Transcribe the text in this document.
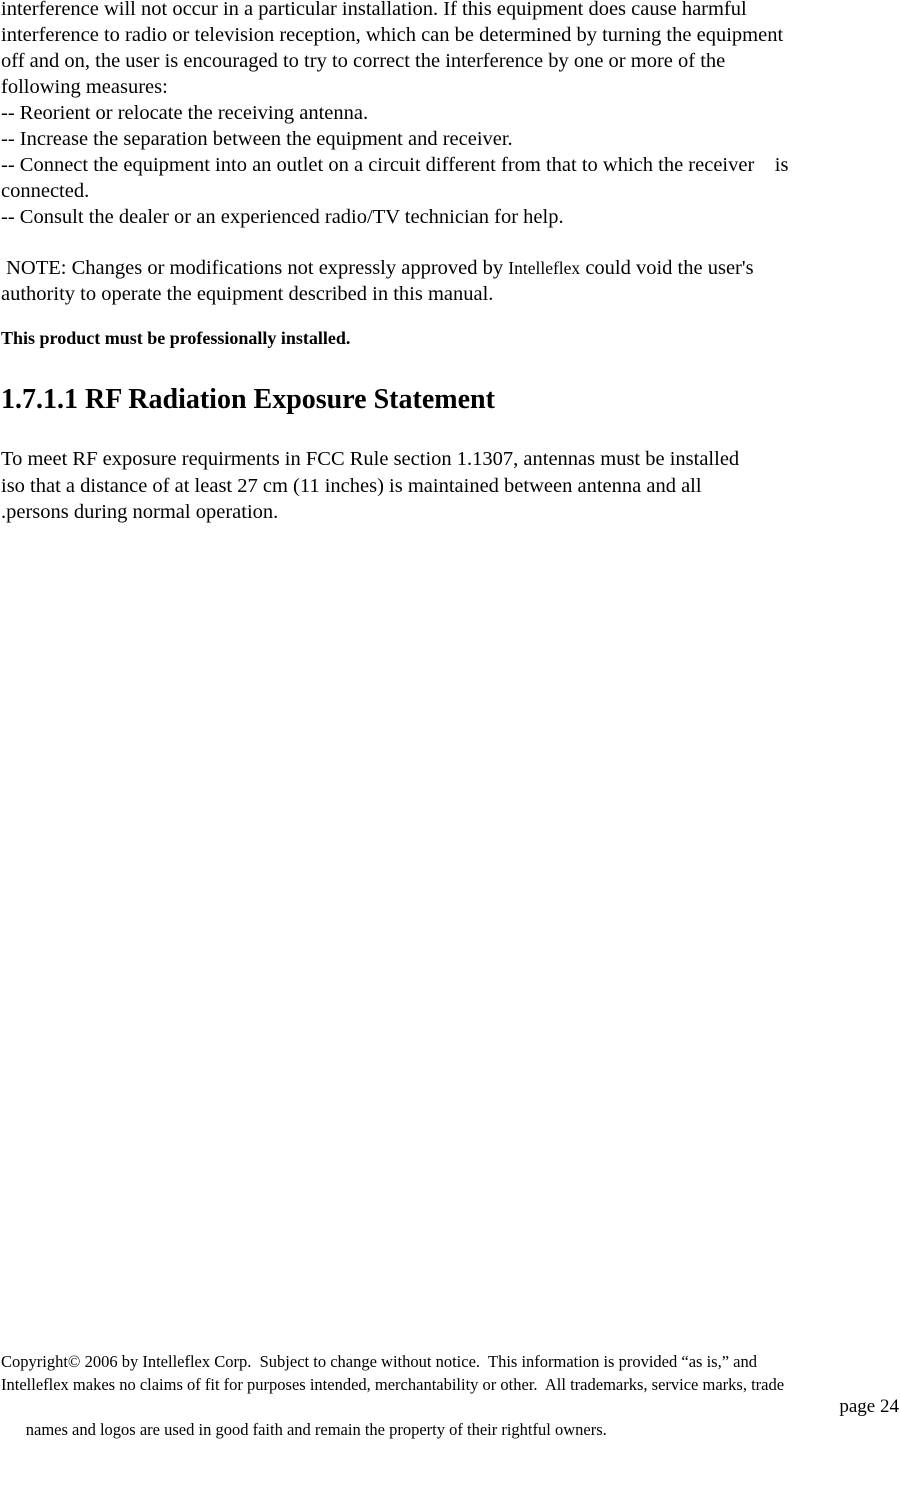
interference will not occur in a particular installation. If this equipment does cause harmful
interference to radio or television reception, which can be determined by turning the equipment
off and on, the user is encouraged to try to correct the interference by one or more of the
following measures:
-- Reorient or relocate the receiving antenna.
-- Increase the separation between the equipment and receiver.
-- Connect the equipment into an outlet on a circuit different from that to which the receiver    is
connected.
-- Consult the dealer or an experienced radio/TV technician for help.
NOTE: Changes or modifications not expressly approved by Intelleflex could void the user's
authority to operate the equipment described in this manual.
This product must be professionally installed.
1.7.1.1 RF Radiation Exposure Statement
To meet RF exposure requirments in FCC Rule section 1.1307, antennas must be installed
iso that a distance of at least 27 cm (11 inches) is maintained between antenna and all
.persons during normal operation.
Copyright© 2006 by Intelleflex Corp.  Subject to change without notice.  This information is provided “as is,” and
Intelleflex makes no claims of fit for purposes intended, merchantability or other.  All trademarks, service marks, trade

names and logos are used in good faith and remain the property of their rightful owners.

page 24
